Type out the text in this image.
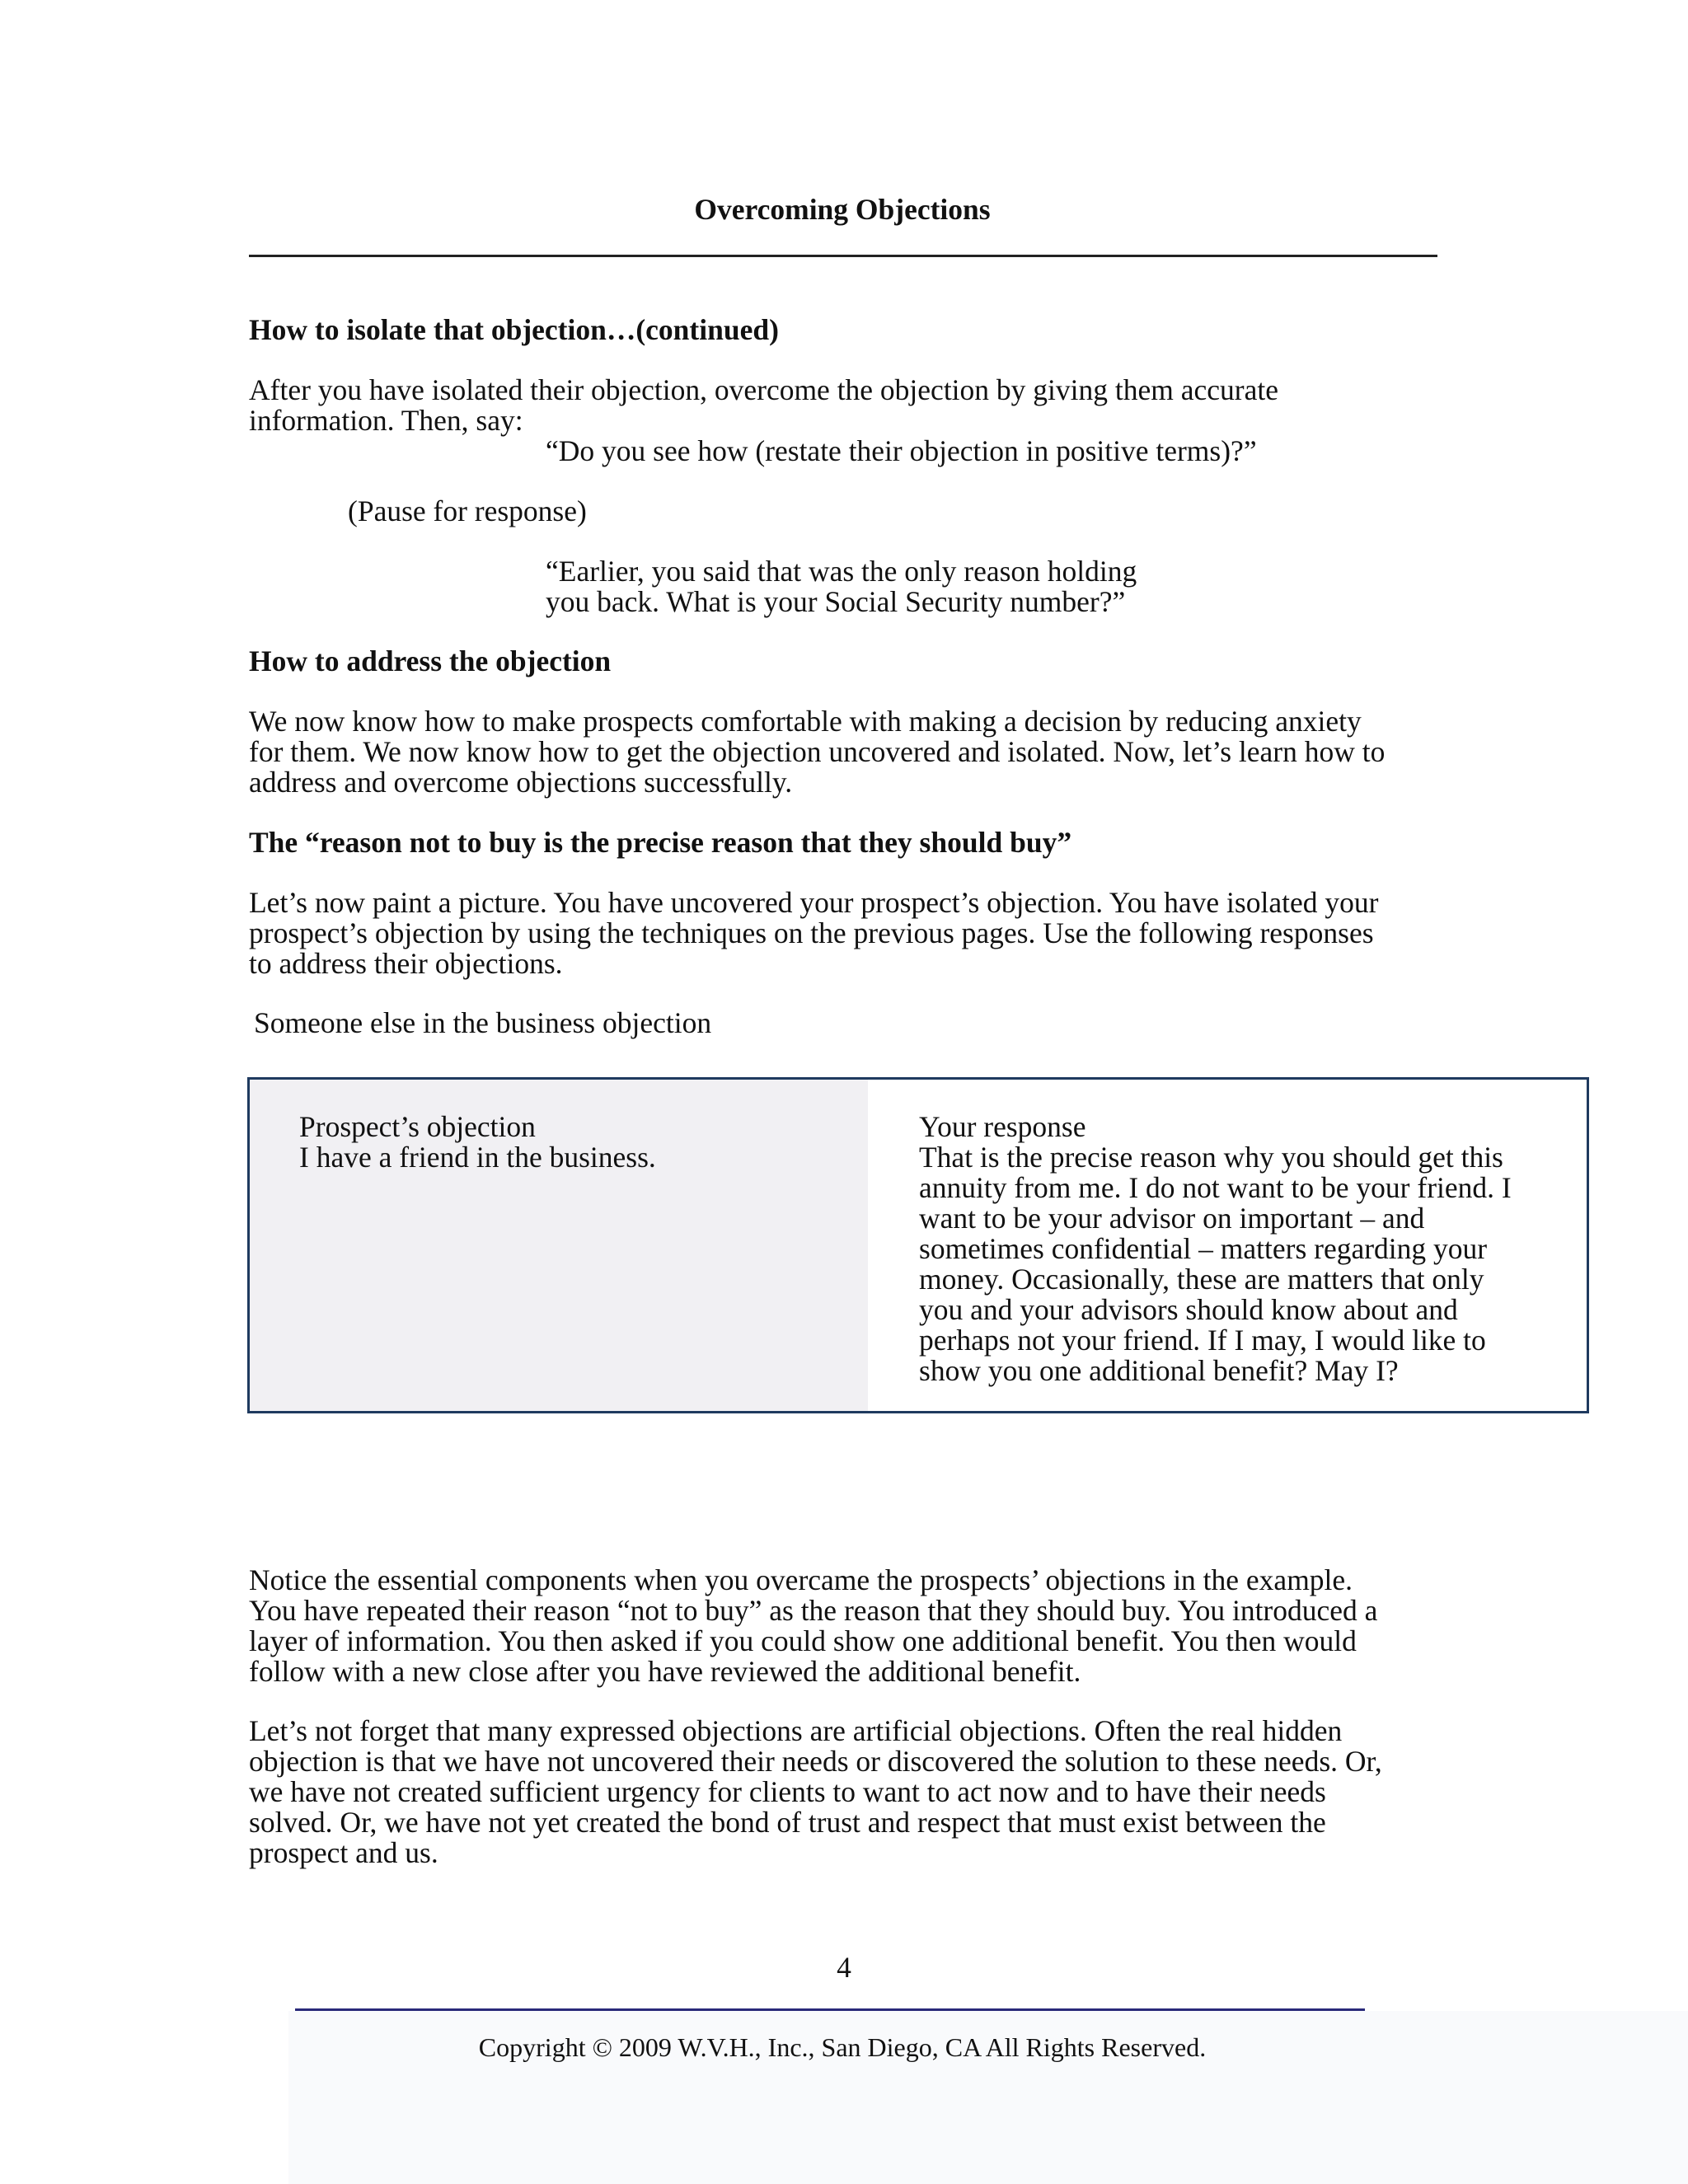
Overcoming Objections
How to isolate that objection…(continued)

After you have isolated their objection, overcome the objection by giving them accurate
information. Then, say:

“Do you see how (restate their objection in positive terms)?”

(Pause for response)

“Earlier, you said that was the only reason holding
you back. What is your Social Security number?”

How to address the objection

We now know how to make prospects comfortable with making a decision by reducing anxiety
for them. We now know how to get the objection uncovered and isolated. Now, let’s learn how to
address and overcome objections successfully.

The “reason not to buy is the precise reason that they should buy”

Let’s now paint a picture. You have uncovered your prospect’s objection. You have isolated your
prospect’s objection by using the techniques on the previous pages. Use the following responses
to address their objections.

Someone else in the business objection

Prospect’s objection
I have a friend in the business.

Your response
That is the precise reason why you should get this
annuity from me. I do not want to be your friend. I
want to be your advisor on important – and
sometimes confidential – matters regarding your
money. Occasionally, these are matters that only
you and your advisors should know about and
perhaps not your friend. If I may, I would like to
show you one additional benefit? May I?

Notice the essential components when you overcame the prospects’ objections in the example.
You have repeated their reason “not to buy” as the reason that they should buy. You introduced a
layer of information. You then asked if you could show one additional benefit. You then would
follow with a new close after you have reviewed the additional benefit.

Let’s not forget that many expressed objections are artificial objections. Often the real hidden
objection is that we have not uncovered their needs or discovered the solution to these needs. Or,
we have not created sufficient urgency for clients to want to act now and to have their needs
solved. Or, we have not yet created the bond of trust and respect that must exist between the
prospect and us.

4
Copyright © 2009 W.V.H., Inc., San Diego, CA All Rights Reserved.
